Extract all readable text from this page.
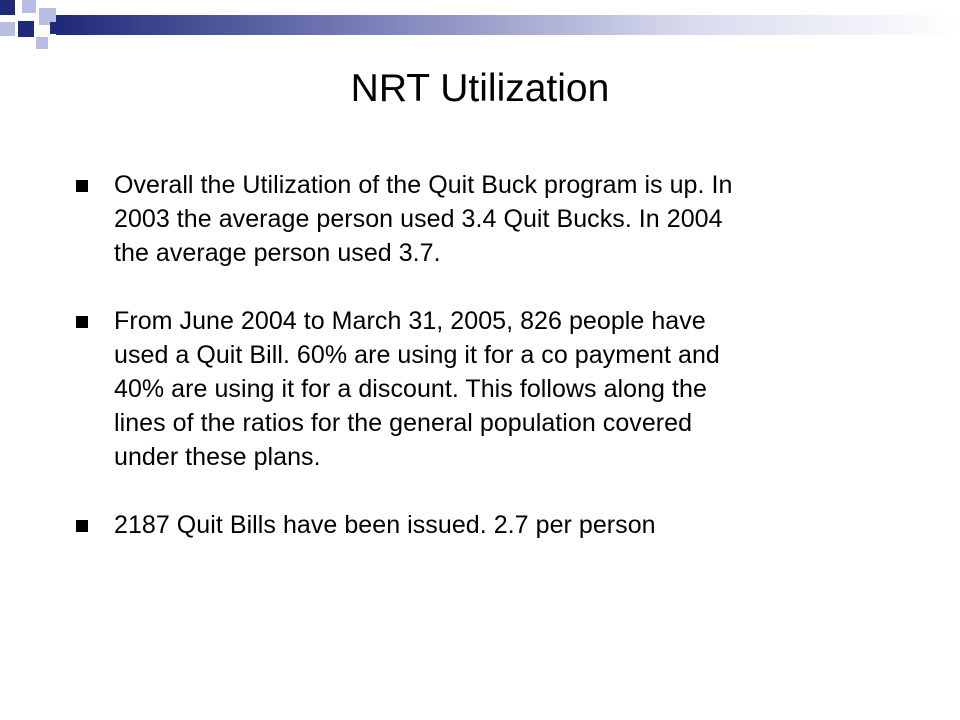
NRT Utilization
Overall the Utilization of the Quit Buck program is up. In
2003 the average person used 3.4 Quit Bucks. In 2004
the average person used 3.7.
From June 2004 to March 31, 2005, 826 people have
used a Quit Bill. 60% are using it for a co payment and
40% are using it for a discount. This follows along the
lines of the ratios for the general population covered
under these plans.
2187 Quit Bills have been issued. 2.7 per person
